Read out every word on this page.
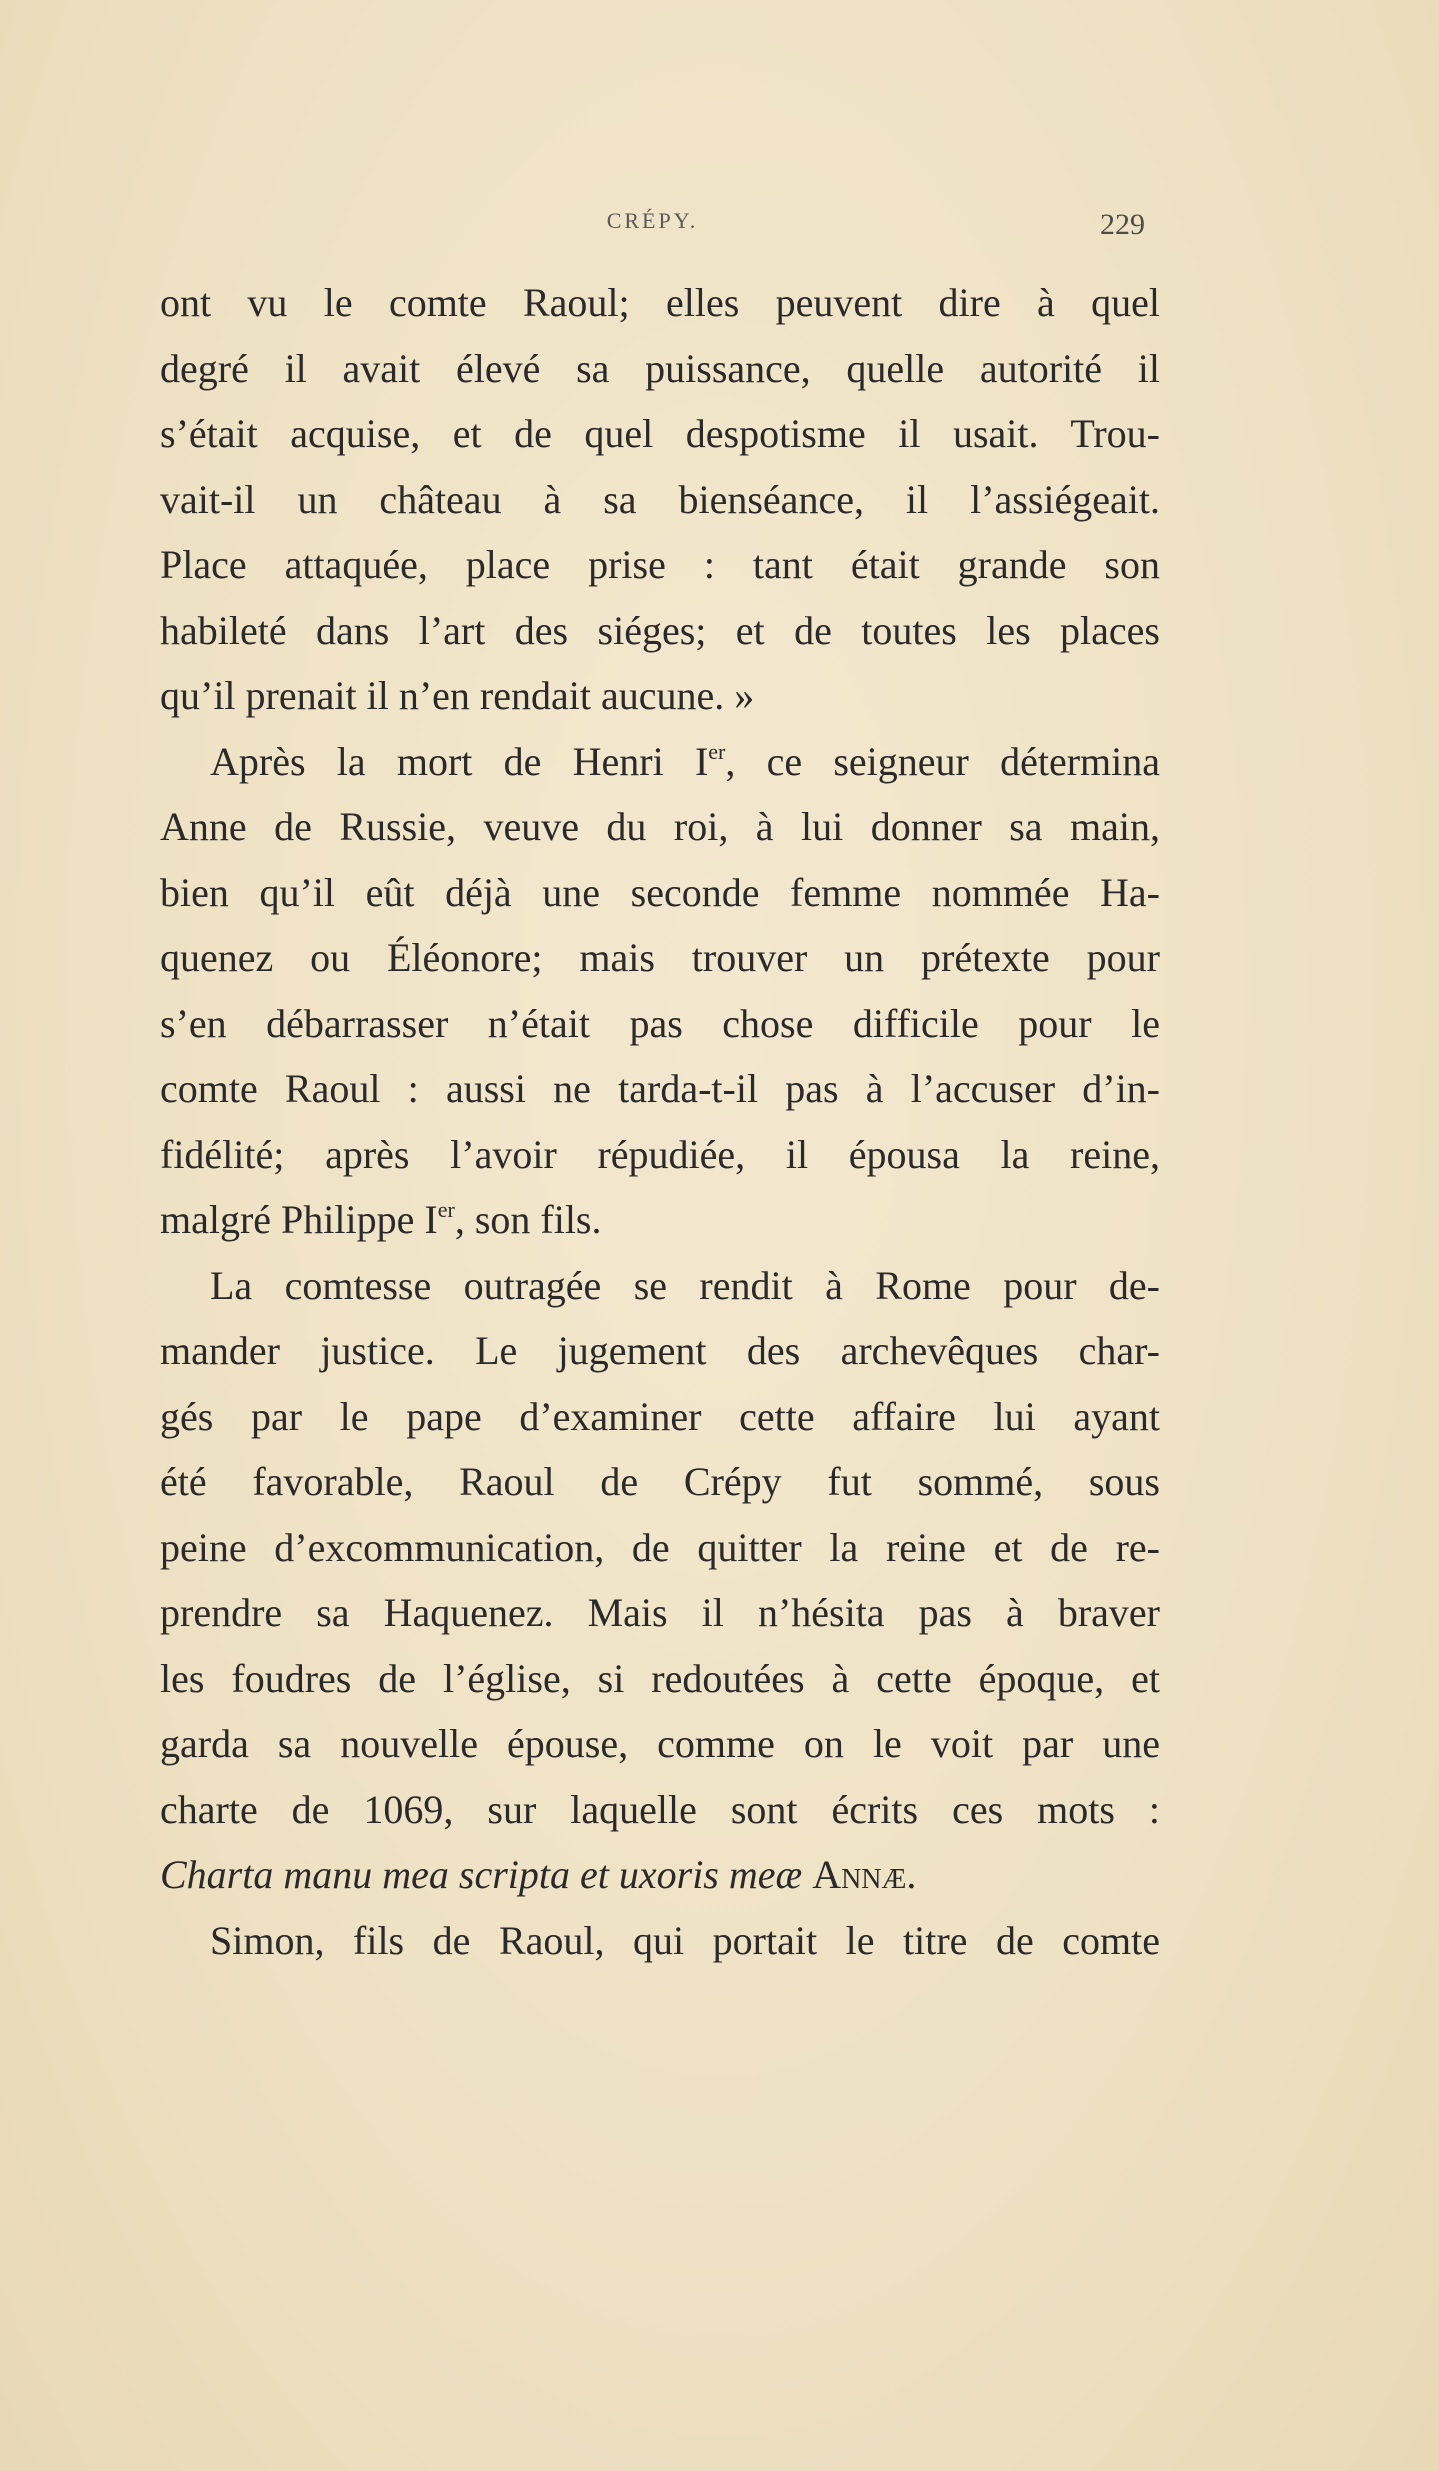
CRÉPY.	229
ont vu le comte Raoul; elles peuvent dire à quel
degré il avait élevé sa puissance, quelle autorité il
s’était acquise, et de quel despotisme il usait. Trou-
vait-il un château à sa bienséance, il l’assiégeait.
Place attaquée, place prise : tant était grande son
habileté dans l’art des siéges; et de toutes les places
qu’il prenait il n’en rendait aucune. »
Après la mort de Henri Ier, ce seigneur détermina
Anne de Russie, veuve du roi, à lui donner sa main,
bien qu’il eût déjà une seconde femme nommée Ha-
quenez ou Éléonore; mais trouver un prétexte pour
s’en débarrasser n’était pas chose difficile pour le
comte Raoul : aussi ne tarda-t-il pas à l’accuser d’in-
fidélité; après l’avoir répudiée, il épousa la reine,
malgré Philippe Ier, son fils.
La comtesse outragée se rendit à Rome pour de-
mander justice. Le jugement des archevêques char-
gés par le pape d’examiner cette affaire lui ayant
été favorable, Raoul de Crépy fut sommé, sous
peine d’excommunication, de quitter la reine et de re-
prendre sa Haquenez. Mais il n’hésita pas à braver
les foudres de l’église, si redoutées à cette époque, et
garda sa nouvelle épouse, comme on le voit par une
charte de 1069, sur laquelle sont écrits ces mots :
Charta manu mea scripta et uxoris meæ Annæ.
Simon, fils de Raoul, qui portait le titre de comte
